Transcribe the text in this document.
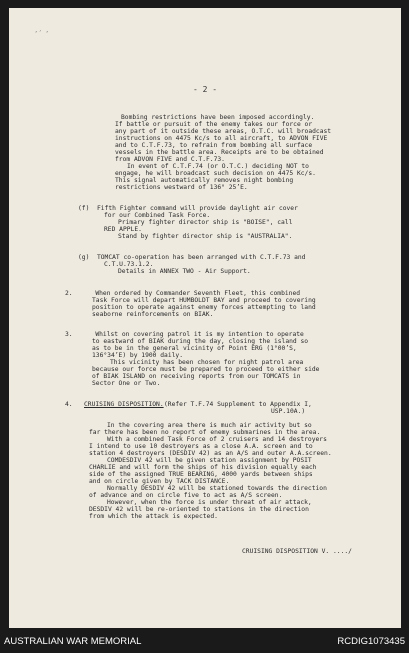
’´ ’
- 2 -
Bombing restrictions have been imposed accordingly.
If battle or pursuit of the enemy takes our force or
any part of it outside these areas, O.T.C. will broadcast
instructions on 4475 Kc/s to all aircraft, to ADVON FIVE
and to C.T.F.73, to refrain from bombing all surface
vessels in the battle area. Receipts are to be obtained
from ADVON FIVE and C.T.F.73.
In event of C.T.F.74 (or O.T.C.) deciding NOT to
engage, he will broadcast such decision on 4475 Kc/s.
This signal automatically removes night bombing
restrictions westward of 136° 25’E.
(f)  Fifth Fighter command will provide daylight air cover
for our Combined Task Force.
Primary fighter director ship is "BOISE", call
RED APPLE.
Stand by fighter director ship is "AUSTRALIA".
(g)  TOMCAT co-operation has been arranged with C.T.F.73 and
C.T.U.73.1.2.
Details in ANNEX TWO - Air Support.
2.      When ordered by Commander Seventh Fleet, this combined
Task Force will depart HUMBOLDT BAY and proceed to covering
position to operate against enemy forces attempting to land
seaborne reinforcements on BIAK.
3.      Whilst on covering patrol it is my intention to operate
to eastward of BIAK during the day, closing the island so
as to be in the general vicinity of Point ERG (1°00’S,
136°34’E) by 1900 daily.
This vicinity has been chosen for night patrol area
because our force must be prepared to proceed to either side
of BIAK ISLAND on receiving reports from our TOMCATS in
Sector One or Two.
4. CRUISING DISPOSITION. (Refer T.F.74 Supplement to Appendix I,
USP.10A.)
In the covering area there is much air activity but so
far there has been no report of enemy submarines in the area.
With a combined Task Force of 2 cruisers and 14 destroyers
I intend to use 10 destroyers as a close A.A. screen and to
station 4 destroyers (DESDIV 42) as an A/S and outer A.A.screen.
COMDESDIV 42 will be given station assignment by POSIT
CHARLIE and will form the ships of his division equally each
side of the assigned TRUE BEARING, 4000 yards between ships
and on circle given by TACK DISTANCE.
Normally DESDIV 42 will be stationed towards the direction
of advance and on circle five to act as A/S screen.
However, when the force is under threat of air attack,
DESDIV 42 will be re-oriented to stations in the direction
from which the attack is expected.
CRUISING DISPOSITION V. ..../
AUSTRALIAN WAR MEMORIAL	RCDIG1073435
